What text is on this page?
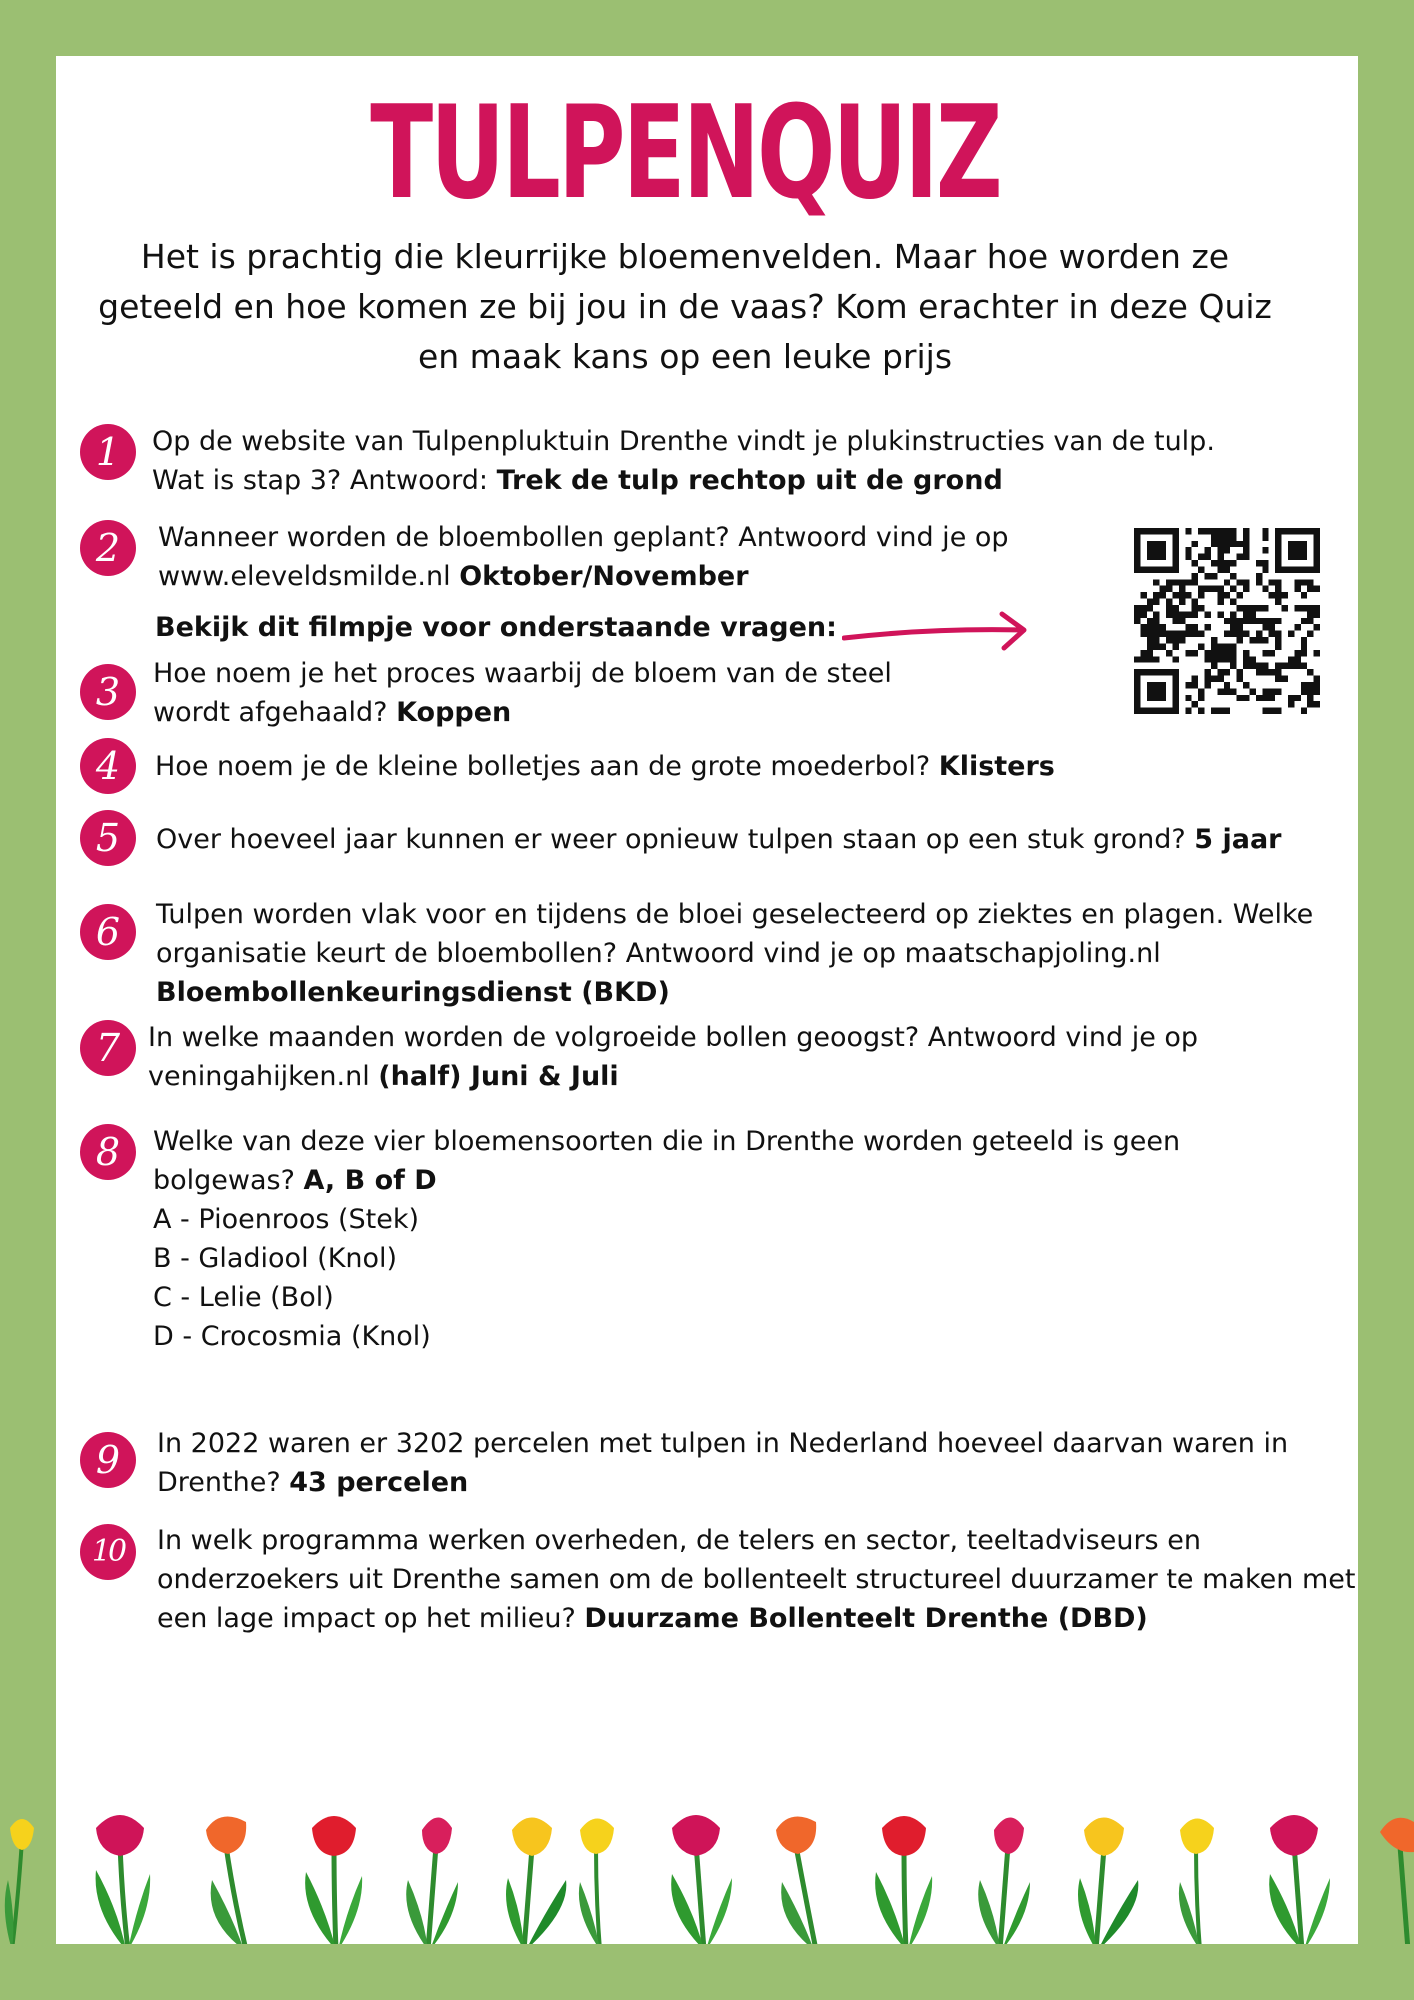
TULPENQUIZ
Het is prachtig die kleurrijke bloemenvelden. Maar hoe worden ze geteeld en hoe komen ze bij jou in de vaas? Kom erachter in deze Quiz en maak kans op een leuke prijs
1	Op de website van Tulpenpluktuin Drenthe vindt je plukinstructies van de tulp.
Wat is stap 3? Antwoord: Trek de tulp rechtop uit de grond
2	Wanneer worden de bloembollen geplant? Antwoord vind je op
www.eleveldsmilde.nl Oktober/November
Bekijk dit filmpje voor onderstaande vragen:
3	Hoe noem je het proces waarbij de bloem van de steel
wordt afgehaald? Koppen
4	Hoe noem je de kleine bolletjes aan de grote moederbol? Klisters
5	Over hoeveel jaar kunnen er weer opnieuw tulpen staan op een stuk grond? 5 jaar
6	Tulpen worden vlak voor en tijdens de bloei geselecteerd op ziektes en plagen. Welke
organisatie keurt de bloembollen? Antwoord vind je op maatschapjoling.nl
Bloembollenkeuringsdienst (BKD)
7	In welke maanden worden de volgroeide bollen geoogst? Antwoord vind je op
veningahijken.nl (half) Juni & Juli
8	Welke van deze vier bloemensoorten die in Drenthe worden geteeld is geen
bolgewas? A, B of D
A - Pioenroos (Stek)
B - Gladiool (Knol)
C - Lelie (Bol)
D - Crocosmia (Knol)
9	In 2022 waren er 3202 percelen met tulpen in Nederland hoeveel daarvan waren in
Drenthe? 43 percelen
10	In welk programma werken overheden, de telers en sector, teeltadviseurs en
onderzoekers uit Drenthe samen om de bollenteelt structureel duurzamer te maken met
een lage impact op het milieu? Duurzame Bollenteelt Drenthe (DBD)
